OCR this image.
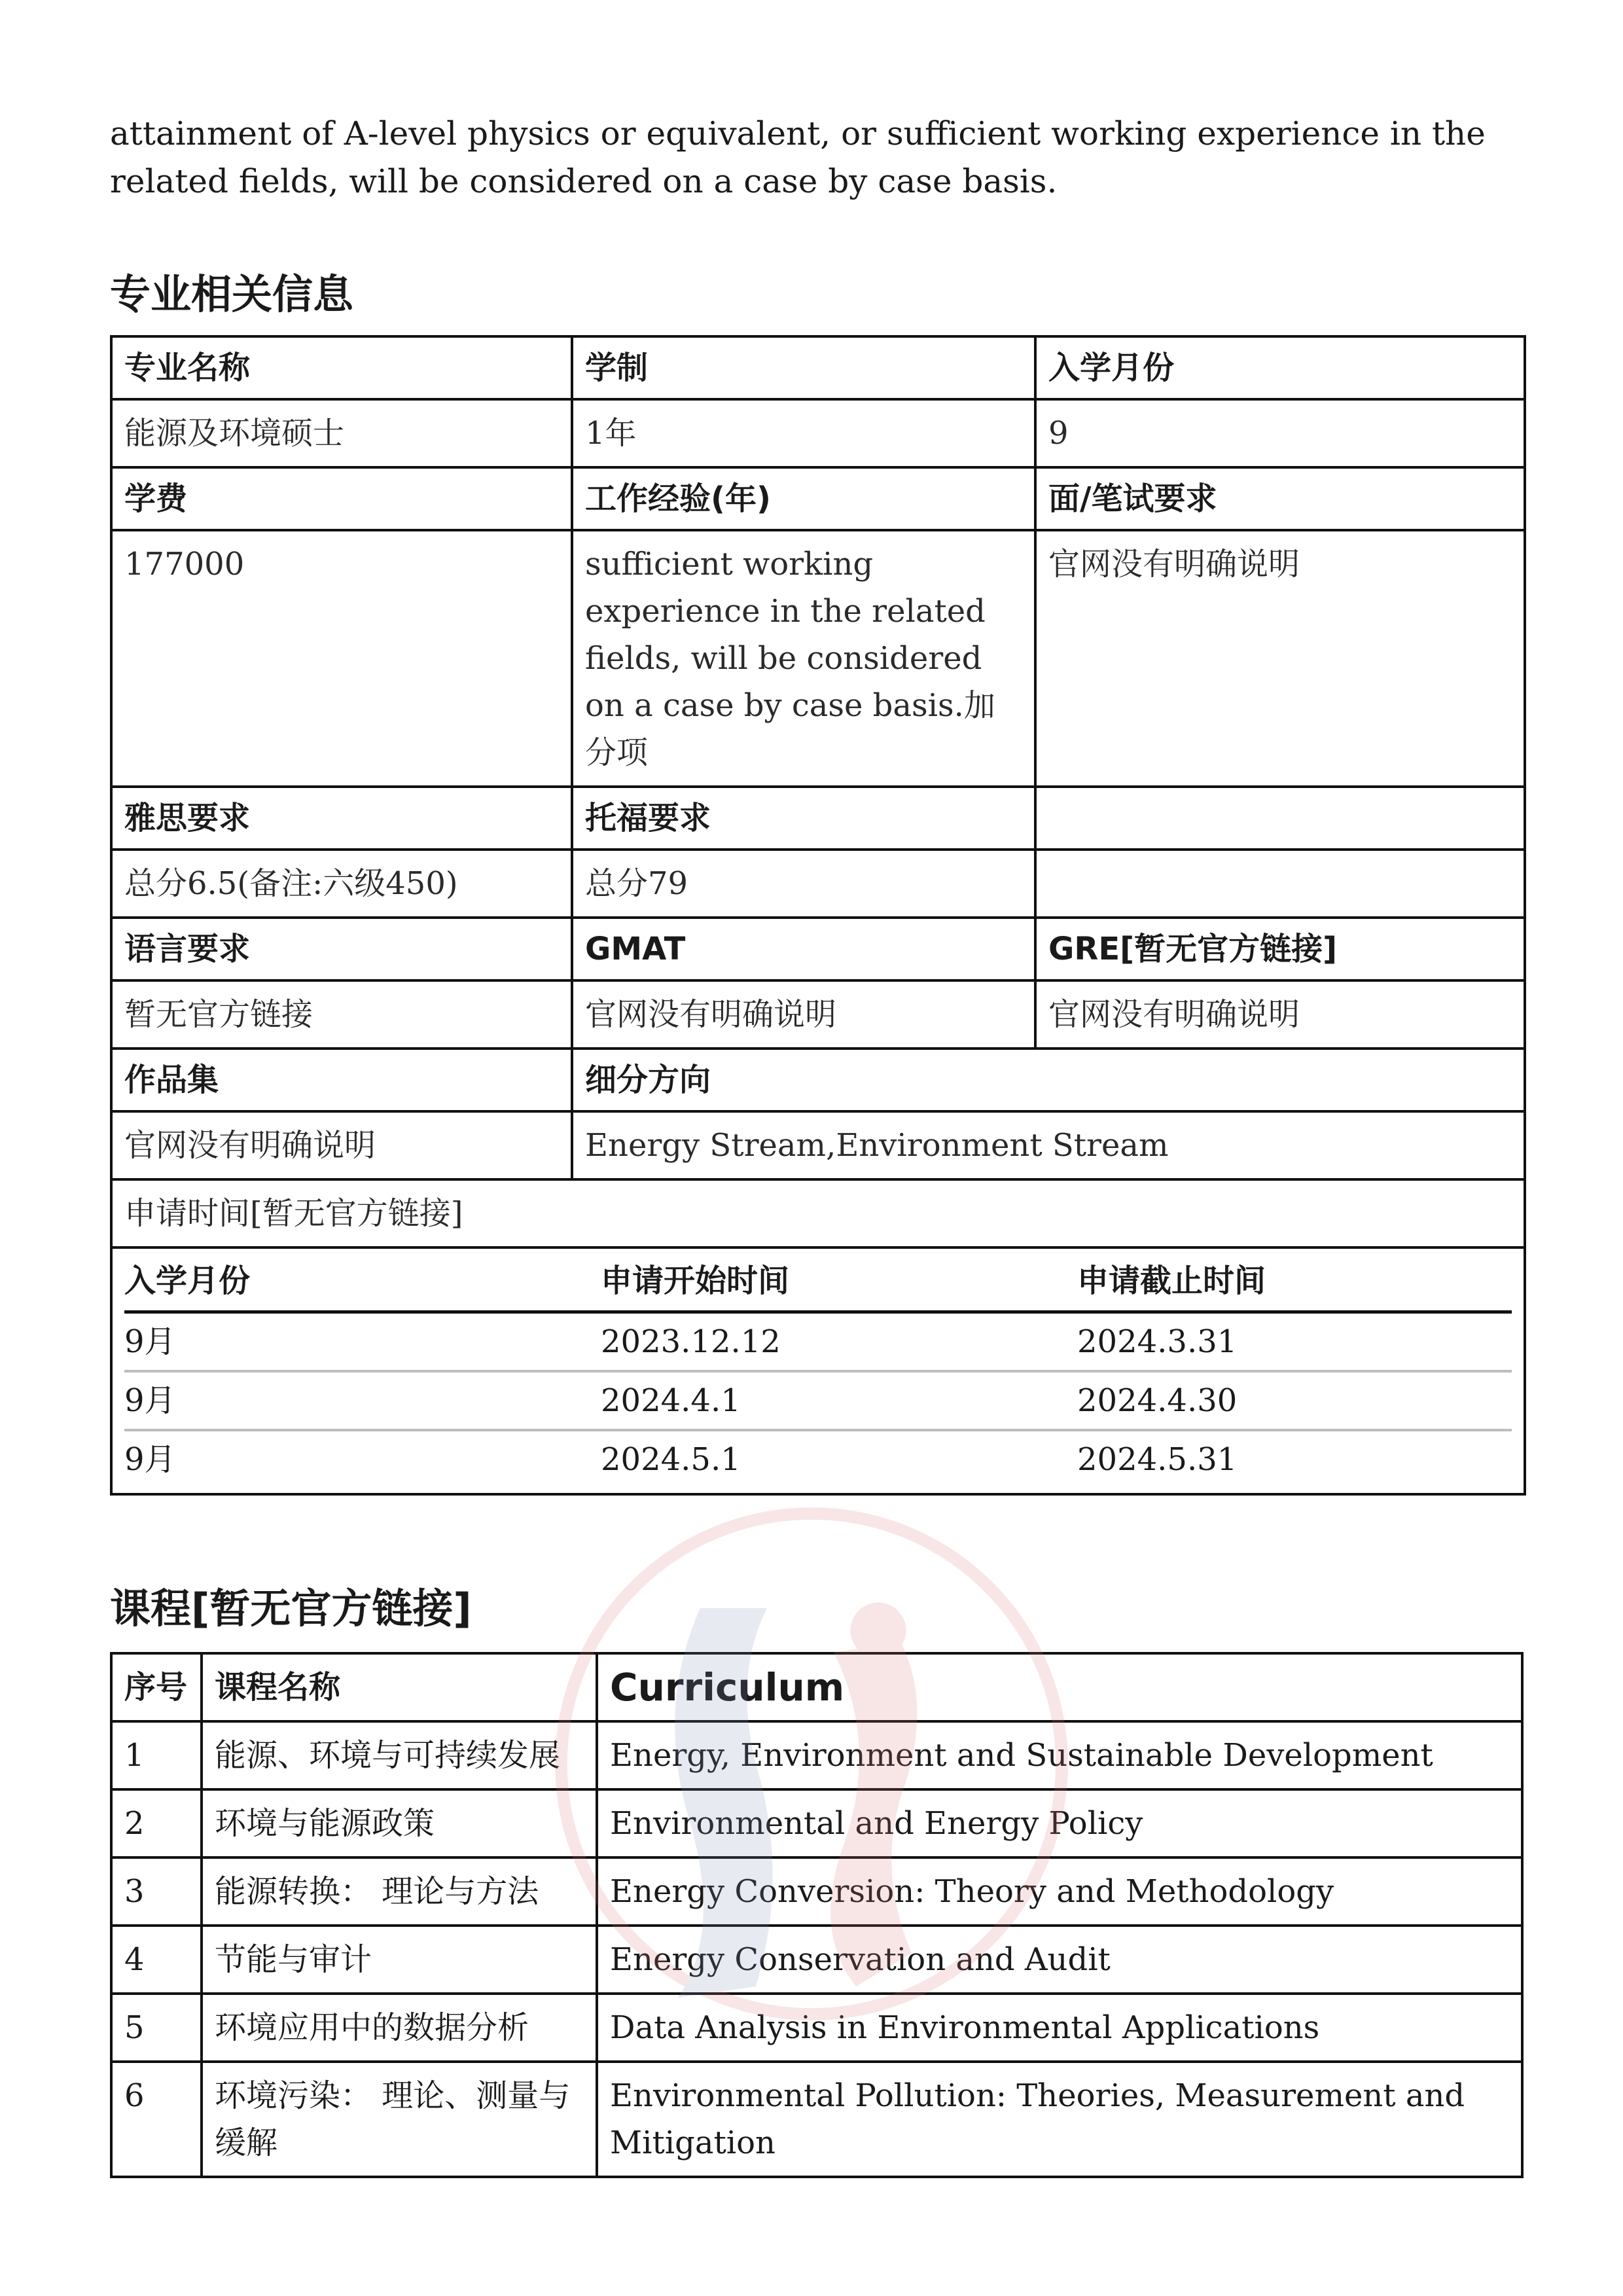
attainment of A-level physics or equivalent, or sufficient working experience in the
related fields, will be considered on a case by case basis.

专业相关信息
专业名称	学制	入学月份
能源及环境硕士	1年	9
学费	工作经验(年)	面/笔试要求
177000	sufficient working experience in the related fields, will be considered on a case by case basis.加分项	官网没有明确说明
雅思要求	托福要求	
总分6.5(备注:六级450)	总分79	
语言要求	GMAT	GRE[暂无官方链接]
暂无官方链接	官网没有明确说明	官网没有明确说明
作品集	细分方向
官网没有明确说明	Energy Stream,Environment Stream
申请时间[暂无官方链接]

入学月份	申请开始时间	申请截止时间
9月	2023.12.12	2024.3.31
9月	2024.4.1	2024.4.30
9月	2024.5.1	2024.5.31
课程[暂无官方链接]
序号	课程名称	Curriculum
1	能源、环境与可持续发展	Energy, Environment and Sustainable Development
2	环境与能源政策	Environmental and Energy Policy
3	能源转换： 理论与方法	Energy Conversion: Theory and Methodology
4	节能与审计	Energy Conservation and Audit
5	环境应用中的数据分析	Data Analysis in Environmental Applications
6	环境污染： 理论、测量与缓解	Environmental Pollution: Theories, Measurement and Mitigation
